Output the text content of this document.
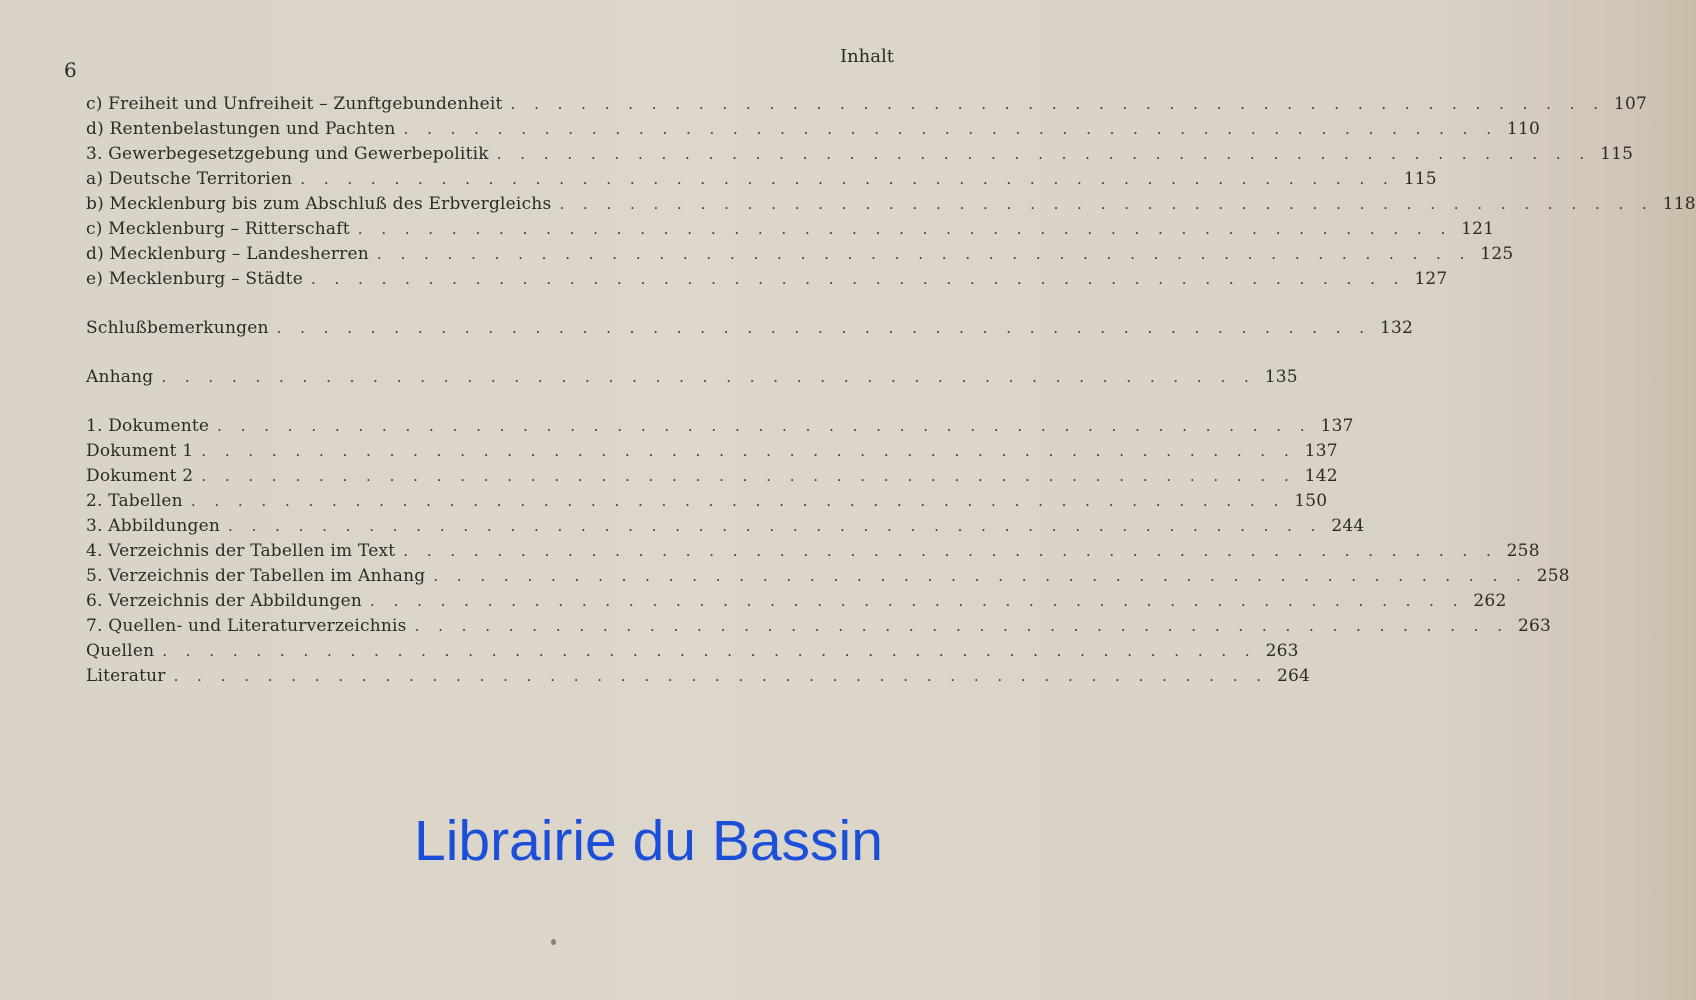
6
Inhalt
c) Freiheit und Unfreiheit – Zunftgebundenheit . . . . . . . . . . . . . . . . . . . . . . . . . . . . . . . . . . . . . . . . . . . . . . . 107
d) Rentenbelastungen und Pachten . . . . . . . . . . . . . . . . . . . . . . . . . . . . . . . . . . . . . . . . . . . . . . . 110
3. Gewerbegesetzgebung und Gewerbepolitik . . . . . . . . . . . . . . . . . . . . . . . . . . . . . . . . . . . . . . . . . . . . . . . 115
a) Deutsche Territorien . . . . . . . . . . . . . . . . . . . . . . . . . . . . . . . . . . . . . . . . . . . . . . . 115
b) Mecklenburg bis zum Abschluß des Erbvergleichs . . . . . . . . . . . . . . . . . . . . . . . . . . . . . . . . . . . . . . . . . . . . . . . 118
c) Mecklenburg – Ritterschaft . . . . . . . . . . . . . . . . . . . . . . . . . . . . . . . . . . . . . . . . . . . . . . . 121
d) Mecklenburg – Landesherren . . . . . . . . . . . . . . . . . . . . . . . . . . . . . . . . . . . . . . . . . . . . . . . 125
e) Mecklenburg – Städte . . . . . . . . . . . . . . . . . . . . . . . . . . . . . . . . . . . . . . . . . . . . . . . 127
Schlußbemerkungen . . . . . . . . . . . . . . . . . . . . . . . . . . . . . . . . . . . . . . . . . . . . . . . 132
Anhang . . . . . . . . . . . . . . . . . . . . . . . . . . . . . . . . . . . . . . . . . . . . . . . 135
1. Dokumente . . . . . . . . . . . . . . . . . . . . . . . . . . . . . . . . . . . . . . . . . . . . . . . 137
Dokument 1 . . . . . . . . . . . . . . . . . . . . . . . . . . . . . . . . . . . . . . . . . . . . . . . 137
Dokument 2 . . . . . . . . . . . . . . . . . . . . . . . . . . . . . . . . . . . . . . . . . . . . . . . 142
2. Tabellen . . . . . . . . . . . . . . . . . . . . . . . . . . . . . . . . . . . . . . . . . . . . . . . 150
3. Abbildungen . . . . . . . . . . . . . . . . . . . . . . . . . . . . . . . . . . . . . . . . . . . . . . . 244
4. Verzeichnis der Tabellen im Text . . . . . . . . . . . . . . . . . . . . . . . . . . . . . . . . . . . . . . . . . . . . . . . 258
5. Verzeichnis der Tabellen im Anhang . . . . . . . . . . . . . . . . . . . . . . . . . . . . . . . . . . . . . . . . . . . . . . . 258
6. Verzeichnis der Abbildungen . . . . . . . . . . . . . . . . . . . . . . . . . . . . . . . . . . . . . . . . . . . . . . . 262
7. Quellen- und Literaturverzeichnis . . . . . . . . . . . . . . . . . . . . . . . . . . . . . . . . . . . . . . . . . . . . . . . 263
Quellen . . . . . . . . . . . . . . . . . . . . . . . . . . . . . . . . . . . . . . . . . . . . . . . 263
Literatur . . . . . . . . . . . . . . . . . . . . . . . . . . . . . . . . . . . . . . . . . . . . . . . 264
Librairie du Bassin
